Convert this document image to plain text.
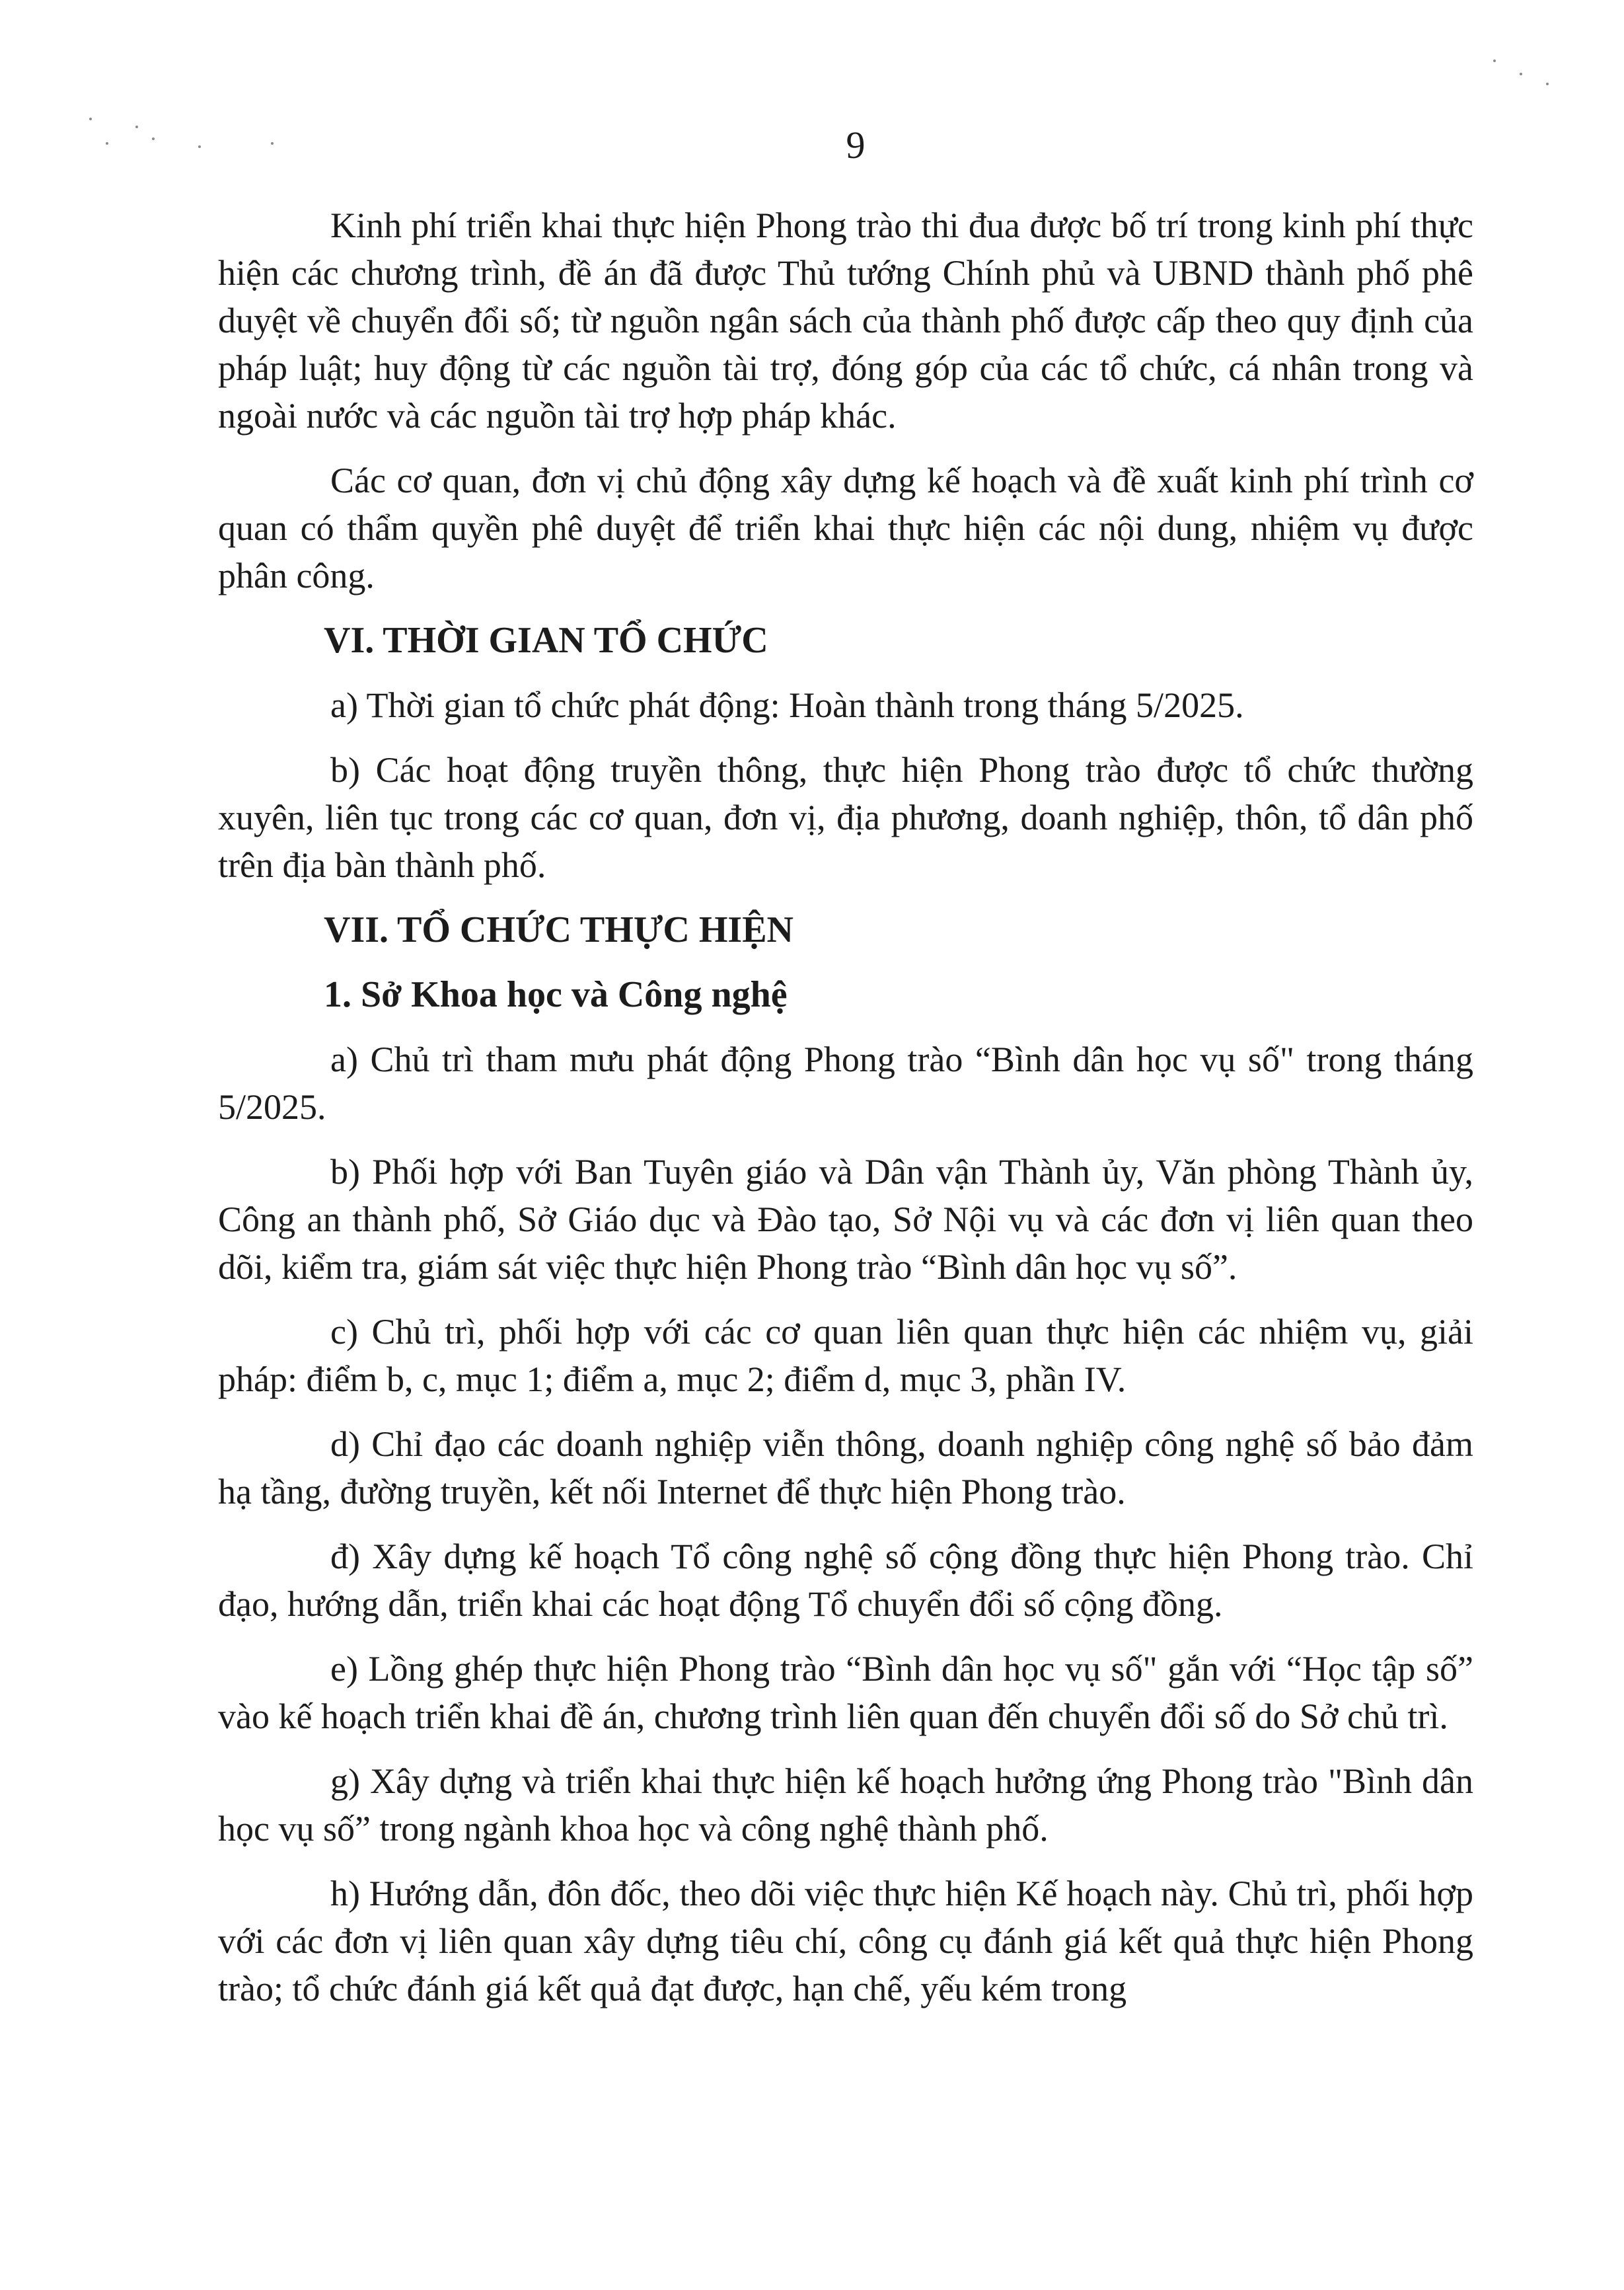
9

Kinh phí triển khai thực hiện Phong trào thi đua được bố trí trong kinh phí thực hiện các chương trình, đề án đã được Thủ tướng Chính phủ và UBND thành phố phê duyệt về chuyển đổi số; từ nguồn ngân sách của thành phố được cấp theo quy định của pháp luật; huy động từ các nguồn tài trợ, đóng góp của các tổ chức, cá nhân trong và ngoài nước và các nguồn tài trợ hợp pháp khác.

Các cơ quan, đơn vị chủ động xây dựng kế hoạch và đề xuất kinh phí trình cơ quan có thẩm quyền phê duyệt để triển khai thực hiện các nội dung, nhiệm vụ được phân công.

VI. THỜI GIAN TỔ CHỨC

a) Thời gian tổ chức phát động: Hoàn thành trong tháng 5/2025.

b) Các hoạt động truyền thông, thực hiện Phong trào được tổ chức thường xuyên, liên tục trong các cơ quan, đơn vị, địa phương, doanh nghiệp, thôn, tổ dân phố trên địa bàn thành phố.

VII. TỔ CHỨC THỰC HIỆN
1. Sở Khoa học và Công nghệ

a) Chủ trì tham mưu phát động Phong trào “Bình dân học vụ số" trong tháng 5/2025.

b) Phối hợp với Ban Tuyên giáo và Dân vận Thành ủy, Văn phòng Thành ủy, Công an thành phố, Sở Giáo dục và Đào tạo, Sở Nội vụ và các đơn vị liên quan theo dõi, kiểm tra, giám sát việc thực hiện Phong trào “Bình dân học vụ số”.

c) Chủ trì, phối hợp với các cơ quan liên quan thực hiện các nhiệm vụ, giải pháp: điểm b, c, mục 1; điểm a, mục 2; điểm d, mục 3, phần IV.

d) Chỉ đạo các doanh nghiệp viễn thông, doanh nghiệp công nghệ số bảo đảm hạ tầng, đường truyền, kết nối Internet để thực hiện Phong trào.

đ) Xây dựng kế hoạch Tổ công nghệ số cộng đồng thực hiện Phong trào. Chỉ đạo, hướng dẫn, triển khai các hoạt động Tổ chuyển đổi số cộng đồng.

e) Lồng ghép thực hiện Phong trào “Bình dân học vụ số" gắn với “Học tập số” vào kế hoạch triển khai đề án, chương trình liên quan đến chuyển đổi số do Sở chủ trì.

g) Xây dựng và triển khai thực hiện kế hoạch hưởng ứng Phong trào "Bình dân học vụ số” trong ngành khoa học và công nghệ thành phố.

h) Hướng dẫn, đôn đốc, theo dõi việc thực hiện Kế hoạch này. Chủ trì, phối hợp với các đơn vị liên quan xây dựng tiêu chí, công cụ đánh giá kết quả thực hiện Phong trào; tổ chức đánh giá kết quả đạt được, hạn chế, yếu kém trong
